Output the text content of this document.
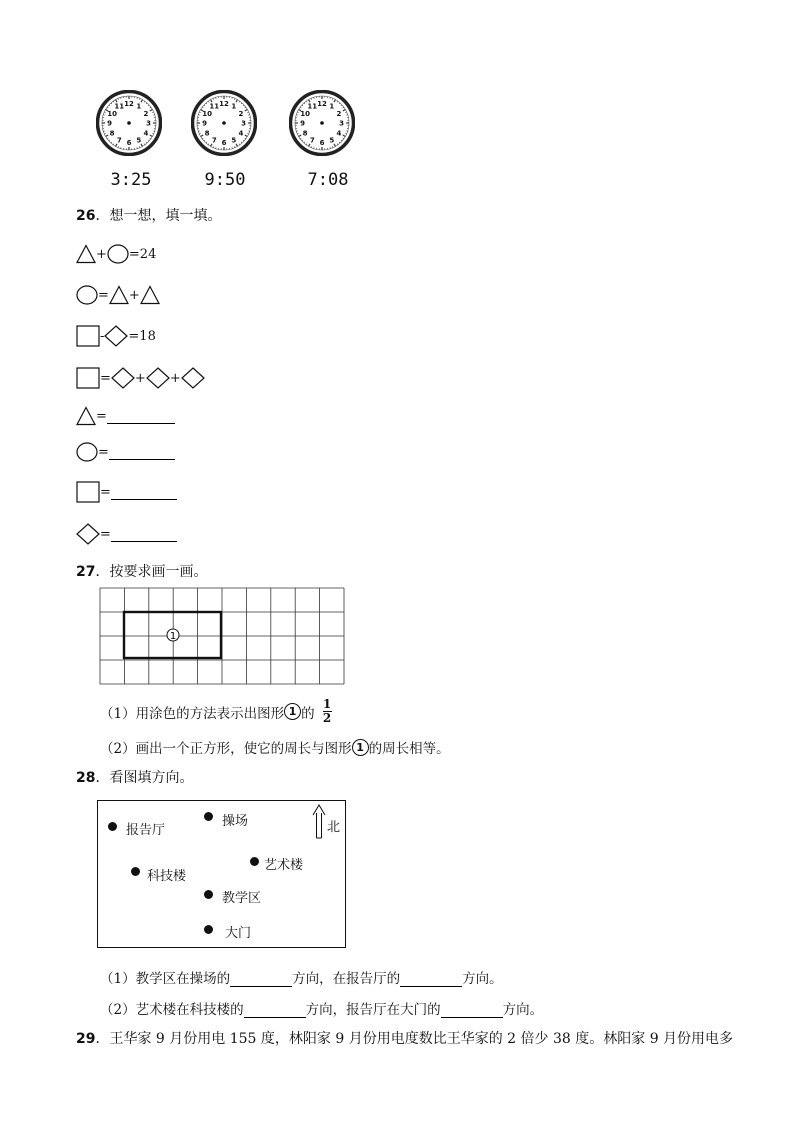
12 1
2
3
4
5
6
7
8
9
10
11	12 1
2
3
4
5
6
7
8
9
10
11	12 1
2
3
4
5
6
7
8
9
10
11
3:25	9:50	7:08
26．想一想，填一填。
+ =24
= +
- =18
= + +
=
=
=
=
27．按要求画一画。
1
（1）用涂色的方法表示出图形 1 的
1
2
（2）画出一个正方形，使它的周长与图形 1 的周长相等。
28．看图填方向。
报告厅
操场	北
艺术楼
科技楼
教学区
大门
（1）教学区在操场的	方向，在报告厅的	方向。
（2）艺术楼在科技楼的	方向，报告厅在大门的	方向。
29．王华家 9 月份用电 155 度，林阳家 9 月份用电度数比王华家的 2 倍少 38 度。林阳家 9 月份用电多
